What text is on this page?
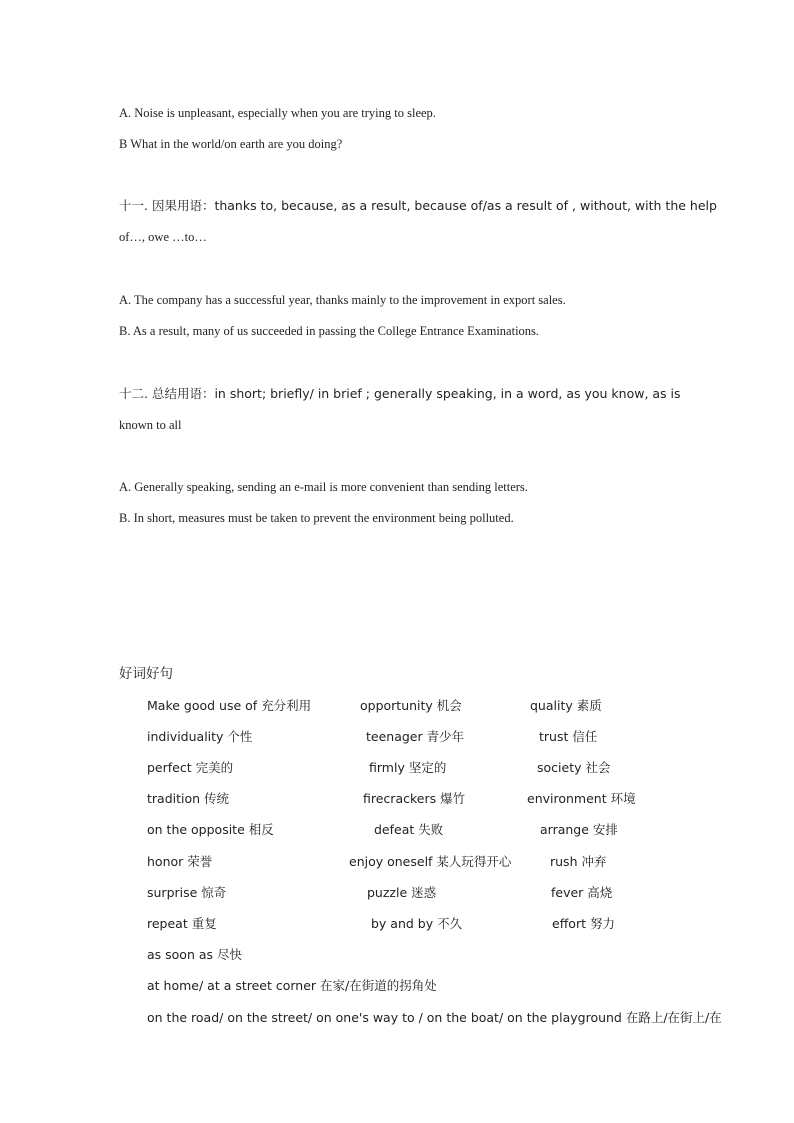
A. Noise is unpleasant, especially when you are trying to sleep.
B What in the world/on earth are you doing?
十一. 因果用语：thanks to, because, as a result, because of/as a result of , without, with the help
of…, owe …to…
A. The company has a successful year, thanks mainly to the improvement in export sales.
B. As a result, many of us succeeded in passing the College Entrance Examinations.
十二. 总结用语：in short; briefly/ in brief ; generally speaking, in a word, as you know, as is
known to all
A. Generally speaking, sending an e-mail is more convenient than sending letters.
B. In short, measures must be taken to prevent the environment being polluted.
好词好句
Make good use of 充分利用	opportunity 机会	quality 素质
individuality 个性	teenager 青少年	trust 信任
perfect 完美的	firmly 坚定的	society 社会
tradition 传统	firecrackers 爆竹	environment 环境
on the opposite 相反	defeat 失败	arrange 安排
honor 荣誉	enjoy oneself 某人玩得开心	rush 冲弃
surprise 惊奇	puzzle 迷惑	fever 高烧
repeat 重复	by and by 不久	effort 努力
as soon as 尽快
at home/ at a street corner 在家/在街道的拐角处
on the road/ on the street/ on one's way to / on the boat/ on the playground 在路上/在街上/在
